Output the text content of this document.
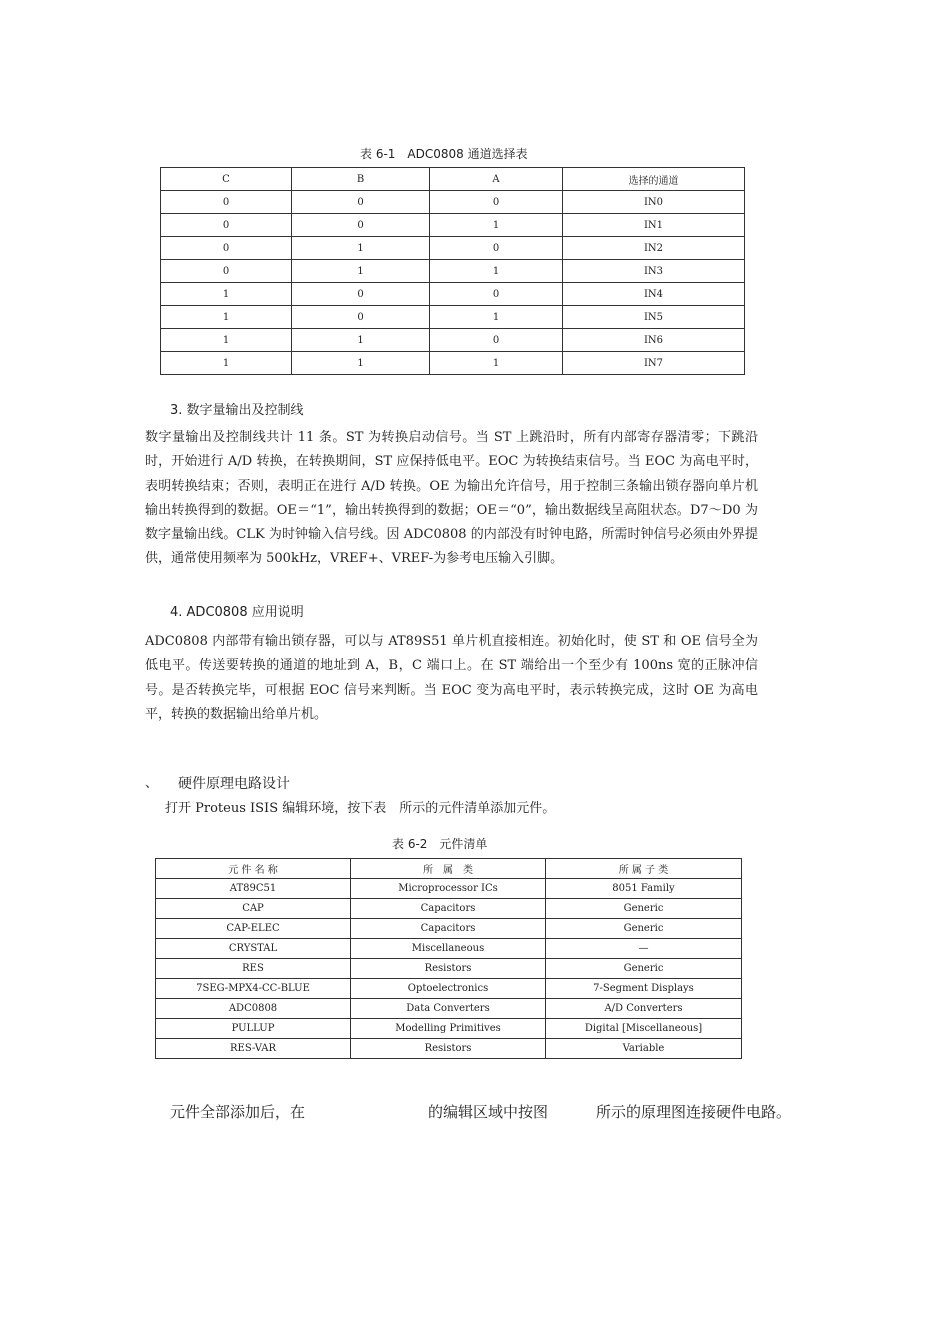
表 6-1　ADC0808 通道选择表
C	B	A	选择的通道
0	0	0	IN0
0	0	1	IN1
0	1	0	IN2
0	1	1	IN3
1	0	0	IN4
1	0	1	IN5
1	1	0	IN6
1	1	1	IN7
3. 数字量输出及控制线
数字量输出及控制线共计 11 条。ST 为转换启动信号。当 ST 上跳沿时，所有内部寄存器清零；下跳沿时，开始进行 A/D 转换，在转换期间，ST 应保持低电平。EOC 为转换结束信号。当 EOC 为高电平时，表明转换结束；否则，表明正在进行 A/D 转换。OE 为输出允许信号，用于控制三条输出锁存器向单片机输出转换得到的数据。OE＝“1”，输出转换得到的数据；OE＝“0”，输出数据线呈高阻状态。D7～D0 为数字量输出线。CLK 为时钟输入信号线。因 ADC0808 的内部没有时钟电路，所需时钟信号必须由外界提供，通常使用频率为 500kHz，VREF+、VREF-为参考电压输入引脚。
4. ADC0808 应用说明
ADC0808 内部带有输出锁存器，可以与 AT89S51 单片机直接相连。初始化时，使 ST 和 OE 信号全为低电平。传送要转换的通道的地址到 A，B，C 端口上。在 ST 端给出一个至少有 100ns 宽的正脉冲信号。是否转换完毕，可根据 EOC 信号来判断。当 EOC 变为高电平时，表示转换完成，这时 OE 为高电平，转换的数据输出给单片机。
、 硬件原理电路设计
打开 Proteus ISIS 编辑环境，按下表　所示的元件清单添加元件。
表 6-2　元件清单
元 件 名 称	所　属　类	所 属 子 类
AT89C51	Microprocessor ICs	8051 Family
CAP	Capacitors	Generic
CAP-ELEC	Capacitors	Generic
CRYSTAL	Miscellaneous	—
RES	Resistors	Generic
7SEG-MPX4-CC-BLUE	Optoelectronics	7-Segment Displays
ADC0808	Data Converters	A/D Converters
PULLUP	Modelling Primitives	Digital [Miscellaneous]
RES-VAR	Resistors	Variable
元件全部添加后，在	的编辑区域中按图	所示的原理图连接硬件电路。
